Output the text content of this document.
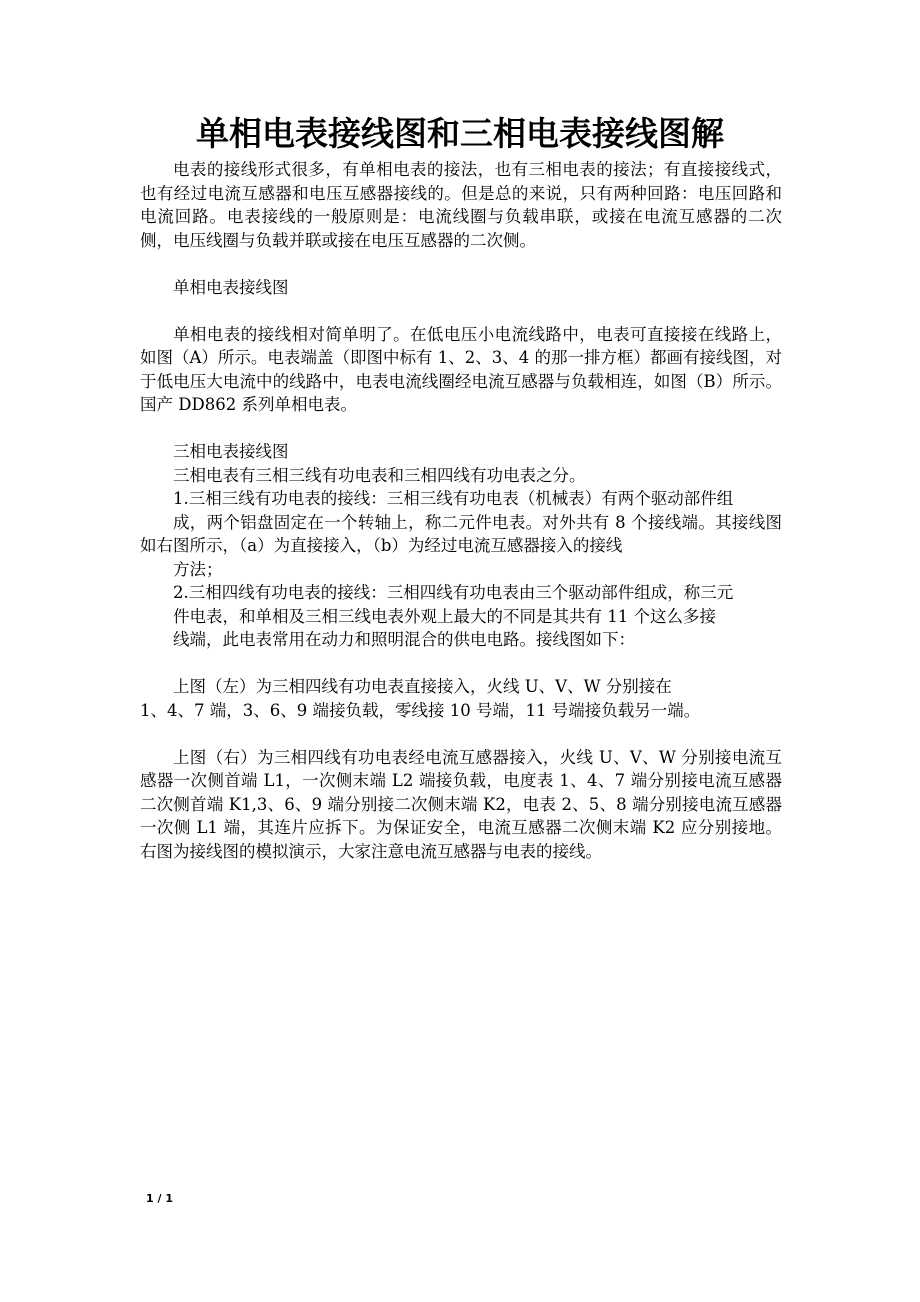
单相电表接线图和三相电表接线图解

电表的接线形式很多，有单相电表的接法，也有三相电表的接法；有直接接线式，也有经过电流互感器和电压互感器接线的。但是总的来说，只有两种回路：电压回路和电流回路。电表接线的一般原则是：电流线圈与负载串联，或接在电流互感器的二次侧，电压线圈与负载并联或接在电压互感器的二次侧。

单相电表接线图

单相电表的接线相对简单明了。在低电压小电流线路中，电表可直接接在线路上，如图（A）所示。电表端盖（即图中标有 1、2、3、4 的那一排方框）都画有接线图，对于低电压大电流中的线路中，电表电流线圈经电流互感器与负载相连，如图（B）所示。国产 DD862 系列单相电表。

三相电表接线图

三相电表有三相三线有功电表和三相四线有功电表之分。

1.三相三线有功电表的接线：三相三线有功电表（机械表）有两个驱动部件组

成，两个铝盘固定在一个转轴上，称二元件电表。对外共有 8 个接线端。其接线图如右图所示，（a）为直接接入，（b）为经过电流互感器接入的接线

方法；

2.三相四线有功电表的接线：三相四线有功电表由三个驱动部件组成，称三元

件电表，和单相及三相三线电表外观上最大的不同是其共有 11 个这么多接

线端，此电表常用在动力和照明混合的供电电路。接线图如下：

上图（左）为三相四线有功电表直接接入，火线 U、V、W 分别接在

1、4、7 端，3、6、9 端接负载，零线接 10 号端，11 号端接负载另一端。

上图（右）为三相四线有功电表经电流互感器接入，火线 U、V、W 分别接电流互感器一次侧首端 L1，一次侧末端 L2 端接负载，电度表 1、4、7 端分别接电流互感器二次侧首端 K1,3、6、9 端分别接二次侧末端 K2，电表 2、5、8 端分别接电流互感器一次侧 L1 端，其连片应拆下。为保证安全，电流互感器二次侧末端 K2 应分别接地。右图为接线图的模拟演示，大家注意电流互感器与电表的接线。

1 / 1
